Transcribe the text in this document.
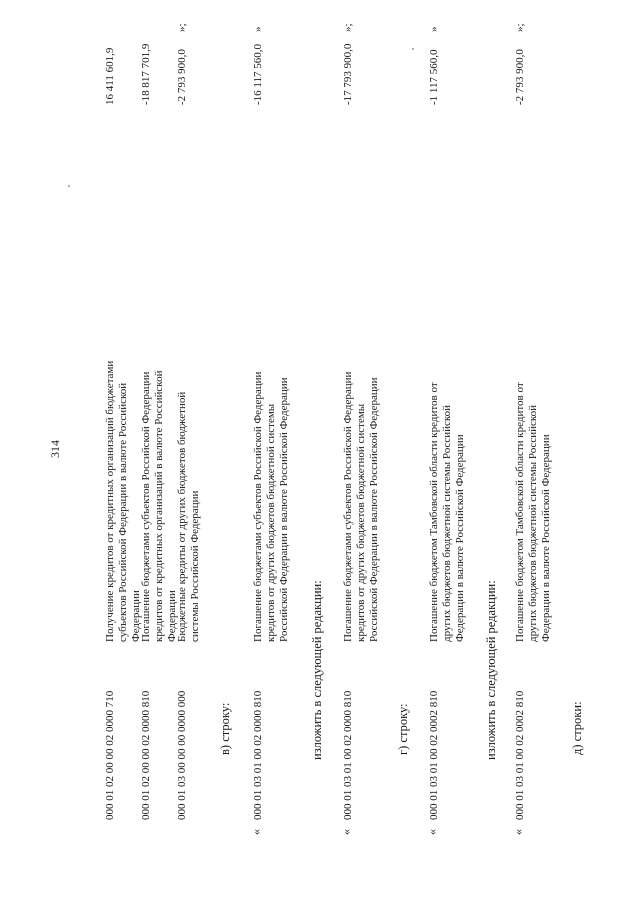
314
000 01 02 00 00 02 0000 710
Получение кредитов от кредитных организаций бюджетами субъектов Российской Федерации в валюте Российской Федерации
16 411 601,9
000 01 02 00 00 02 0000 810
Погашение бюджетами субъектов Российской Федерации кредитов от кредитных организаций в валюте Российской Федерации
-18 817 701,9
000 01 03 00 00 00 0000 000
Бюджетные кредиты от других бюджетов бюджетной системы Российской Федерации
-2 793 900,0
»;
в) строку:
«
000 01 03 01 00 02 0000 810
Погашение бюджетами субъектов Российской Федерации кредитов от других бюджетов бюджетной системы Российской Федерации в валюте Российской Федерации
-16 117 560,0
»
изложить в следующей редакции:
«
000 01 03 01 00 02 0000 810
Погашение бюджетами субъектов Российской Федерации кредитов от других бюджетов бюджетной системы Российской Федерации в валюте Российской Федерации
-17 793 900,0
»;
г) строку:
«
000 01 03 01 00 02 0002 810
Погашение бюджетом Тамбовской области кредитов от других бюджетов бюджетной системы Российской Федерации в валюте Российской Федерации
-1 117 560,0
»
изложить в следующей редакции:
«
000 01 03 01 00 02 0002 810
Погашение бюджетом Тамбовской области кредитов от других бюджетов бюджетной системы Российской Федерации в валюте Российской Федерации
-2 793 900,0
»;
д) строки:
